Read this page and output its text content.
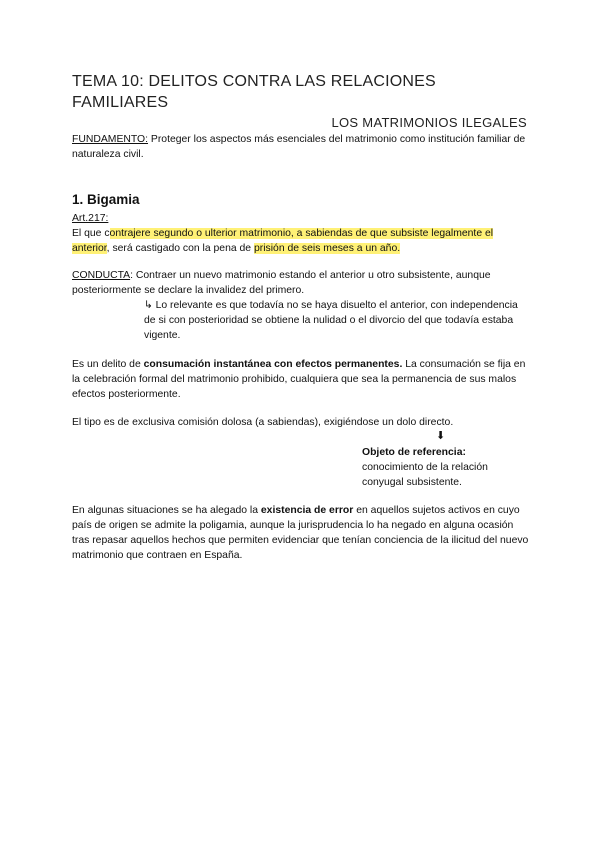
TEMA 10: DELITOS CONTRA LAS RELACIONES FAMILIARES
LOS MATRIMONIOS ILEGALES
FUNDAMENTO: Proteger los aspectos más esenciales del matrimonio como institución familiar de naturaleza civil.
1. Bigamia
Art.217:
El que contrajere segundo o ulterior matrimonio, a sabiendas de que subsiste legalmente el anterior, será castigado con la pena de prisión de seis meses a un año.
CONDUCTA: Contraer un nuevo matrimonio estando el anterior u otro subsistente, aunque posteriormente se declare la invalidez del primero.
↳ Lo relevante es que todavía no se haya disuelto el anterior, con independencia de si con posterioridad se obtiene la nulidad o el divorcio del que todavía estaba vigente.
Es un delito de consumación instantánea con efectos permanentes. La consumación se fija en la celebración formal del matrimonio prohibido, cualquiera que sea la permanencia de sus malos efectos posteriormente.
El tipo es de exclusiva comisión dolosa (a sabiendas), exigiéndose un dolo directo.
⬇
Objeto de referencia:
conocimiento de la relación conyugal subsistente.
En algunas situaciones se ha alegado la existencia de error en aquellos sujetos activos en cuyo país de origen se admite la poligamia, aunque la jurisprudencia lo ha negado en alguna ocasión tras repasar aquellos hechos que permiten evidenciar que tenían conciencia de la ilicitud del nuevo matrimonio que contraen en España.
